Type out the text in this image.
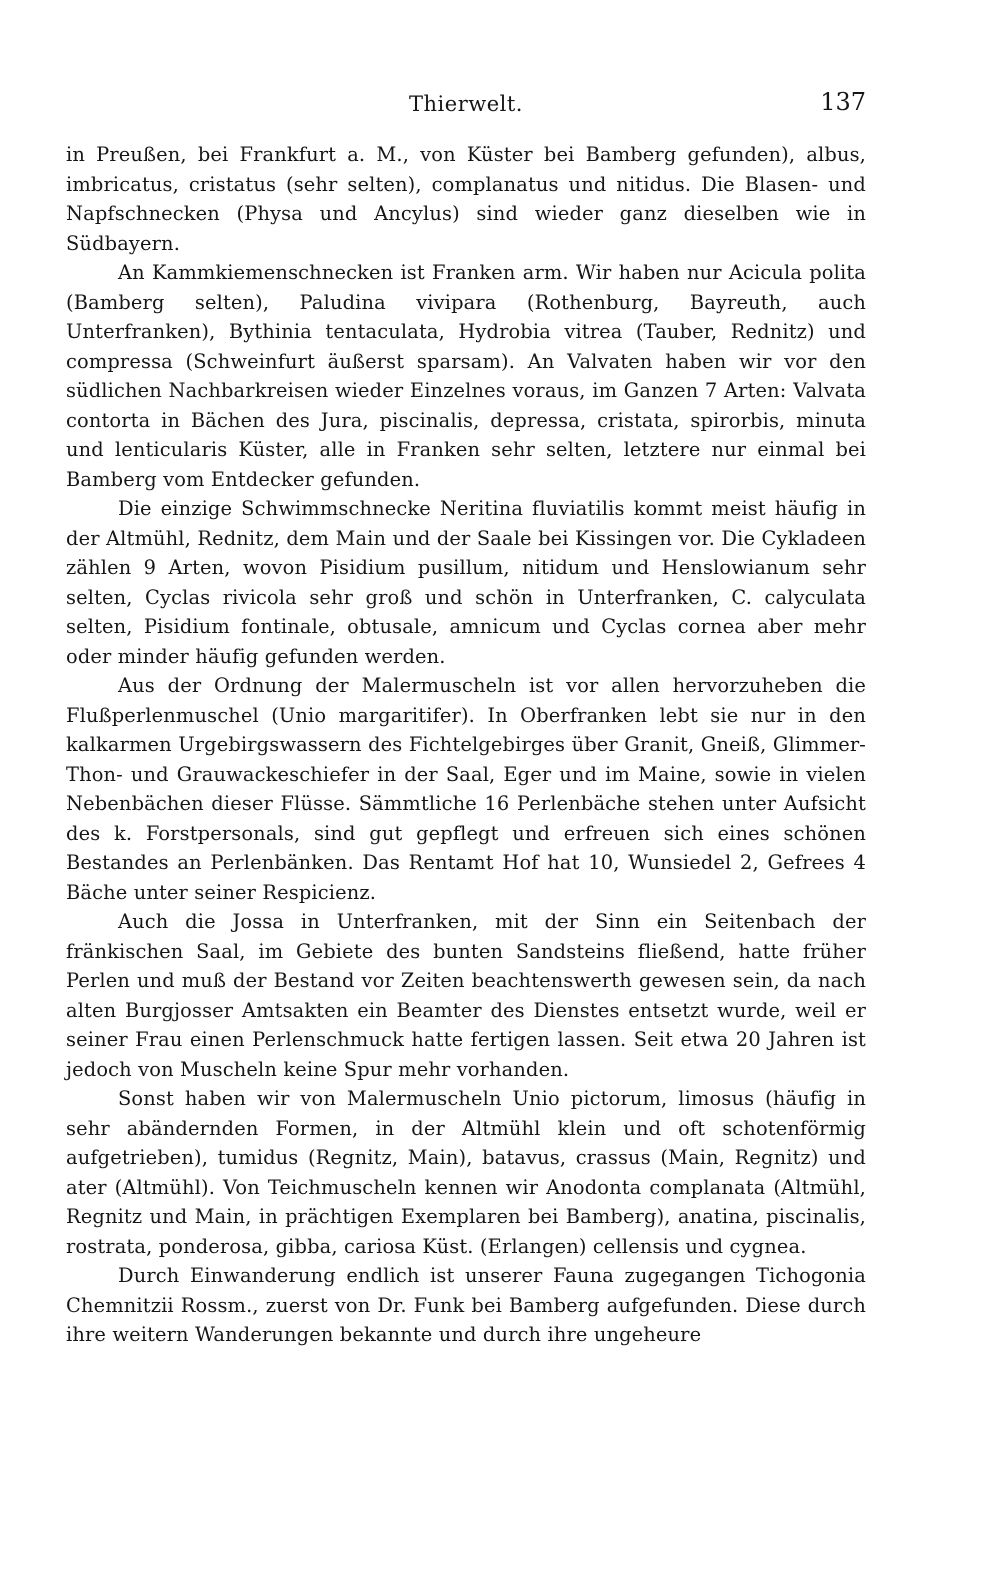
Thierwelt.	137

in Preußen, bei Frankfurt a. M., von Küster bei Bamberg gefunden), albus, imbricatus, cristatus (sehr selten), complanatus und nitidus. Die Blasen- und Napfschnecken (Physa und Ancylus) sind wieder ganz dieselben wie in Südbayern.

An Kammkiemenschnecken ist Franken arm. Wir haben nur Acicula polita (Bamberg selten), Paludina vivipara (Rothenburg, Bayreuth, auch Unterfranken), Bythinia tentaculata, Hydrobia vitrea (Tauber, Rednitz) und compressa (Schweinfurt äußerst sparsam). An Valvaten haben wir vor den südlichen Nachbarkreisen wieder Einzelnes voraus, im Ganzen 7 Arten: Valvata contorta in Bächen des Jura, piscinalis, depressa, cristata, spirorbis, minuta und lenticularis Küster, alle in Franken sehr selten, letztere nur einmal bei Bamberg vom Entdecker gefunden.

Die einzige Schwimmschnecke Neritina fluviatilis kommt meist häufig in der Altmühl, Rednitz, dem Main und der Saale bei Kissingen vor. Die Cykladeen zählen 9 Arten, wovon Pisidium pusillum, nitidum und Henslowianum sehr selten, Cyclas rivicola sehr groß und schön in Unterfranken, C. calyculata selten, Pisidium fontinale, obtusale, amnicum und Cyclas cornea aber mehr oder minder häufig gefunden werden.

Aus der Ordnung der Malermuscheln ist vor allen hervorzuheben die Flußperlenmuschel (Unio margaritifer). In Oberfranken lebt sie nur in den kalkarmen Urgebirgswassern des Fichtelgebirges über Granit, Gneiß, Glimmer- Thon- und Grauwackeschiefer in der Saal, Eger und im Maine, sowie in vielen Nebenbächen dieser Flüsse. Sämmtliche 16 Perlenbäche stehen unter Aufsicht des k. Forstpersonals, sind gut gepflegt und erfreuen sich eines schönen Bestandes an Perlenbänken. Das Rentamt Hof hat 10, Wunsiedel 2, Gefrees 4 Bäche unter seiner Respicienz.

Auch die Jossa in Unterfranken, mit der Sinn ein Seitenbach der fränkischen Saal, im Gebiete des bunten Sandsteins fließend, hatte früher Perlen und muß der Bestand vor Zeiten beachtenswerth gewesen sein, da nach alten Burgjosser Amtsakten ein Beamter des Dienstes entsetzt wurde, weil er seiner Frau einen Perlenschmuck hatte fertigen lassen. Seit etwa 20 Jahren ist jedoch von Muscheln keine Spur mehr vorhanden.

Sonst haben wir von Malermuscheln Unio pictorum, limosus (häufig in sehr abändernden Formen, in der Altmühl klein und oft schotenförmig aufgetrieben), tumidus (Regnitz, Main), batavus, crassus (Main, Regnitz) und ater (Altmühl). Von Teichmuscheln kennen wir Anodonta complanata (Altmühl, Regnitz und Main, in prächtigen Exemplaren bei Bamberg), anatina, piscinalis, rostrata, ponderosa, gibba, cariosa Küst. (Erlangen) cellensis und cygnea.

Durch Einwanderung endlich ist unserer Fauna zugegangen Tichogonia Chemnitzii Rossm., zuerst von Dr. Funk bei Bamberg aufgefunden. Diese durch ihre weitern Wanderungen bekannte und durch ihre ungeheure
